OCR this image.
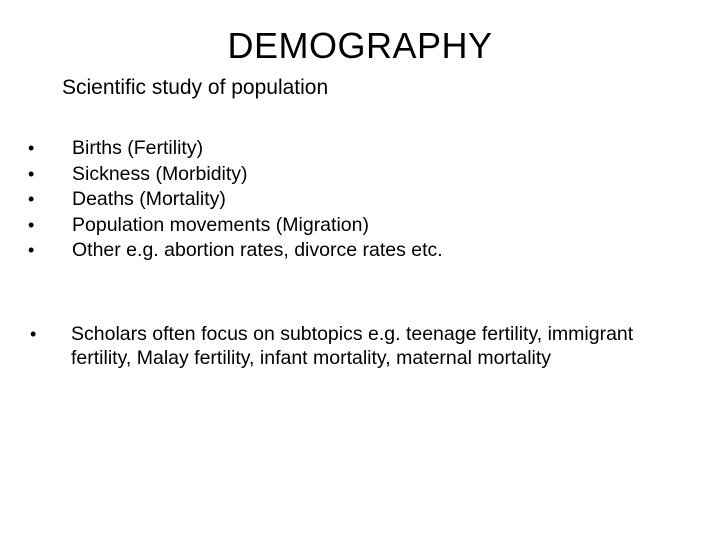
DEMOGRAPHY
Scientific study of population
•	Births (Fertility)
•	Sickness (Morbidity)
•	Deaths (Mortality)
•	Population movements (Migration)
•	Other e.g. abortion rates, divorce rates etc.
•	Scholars often focus on subtopics e.g. teenage fertility, immigrant fertility, Malay fertility, infant mortality, maternal mortality
